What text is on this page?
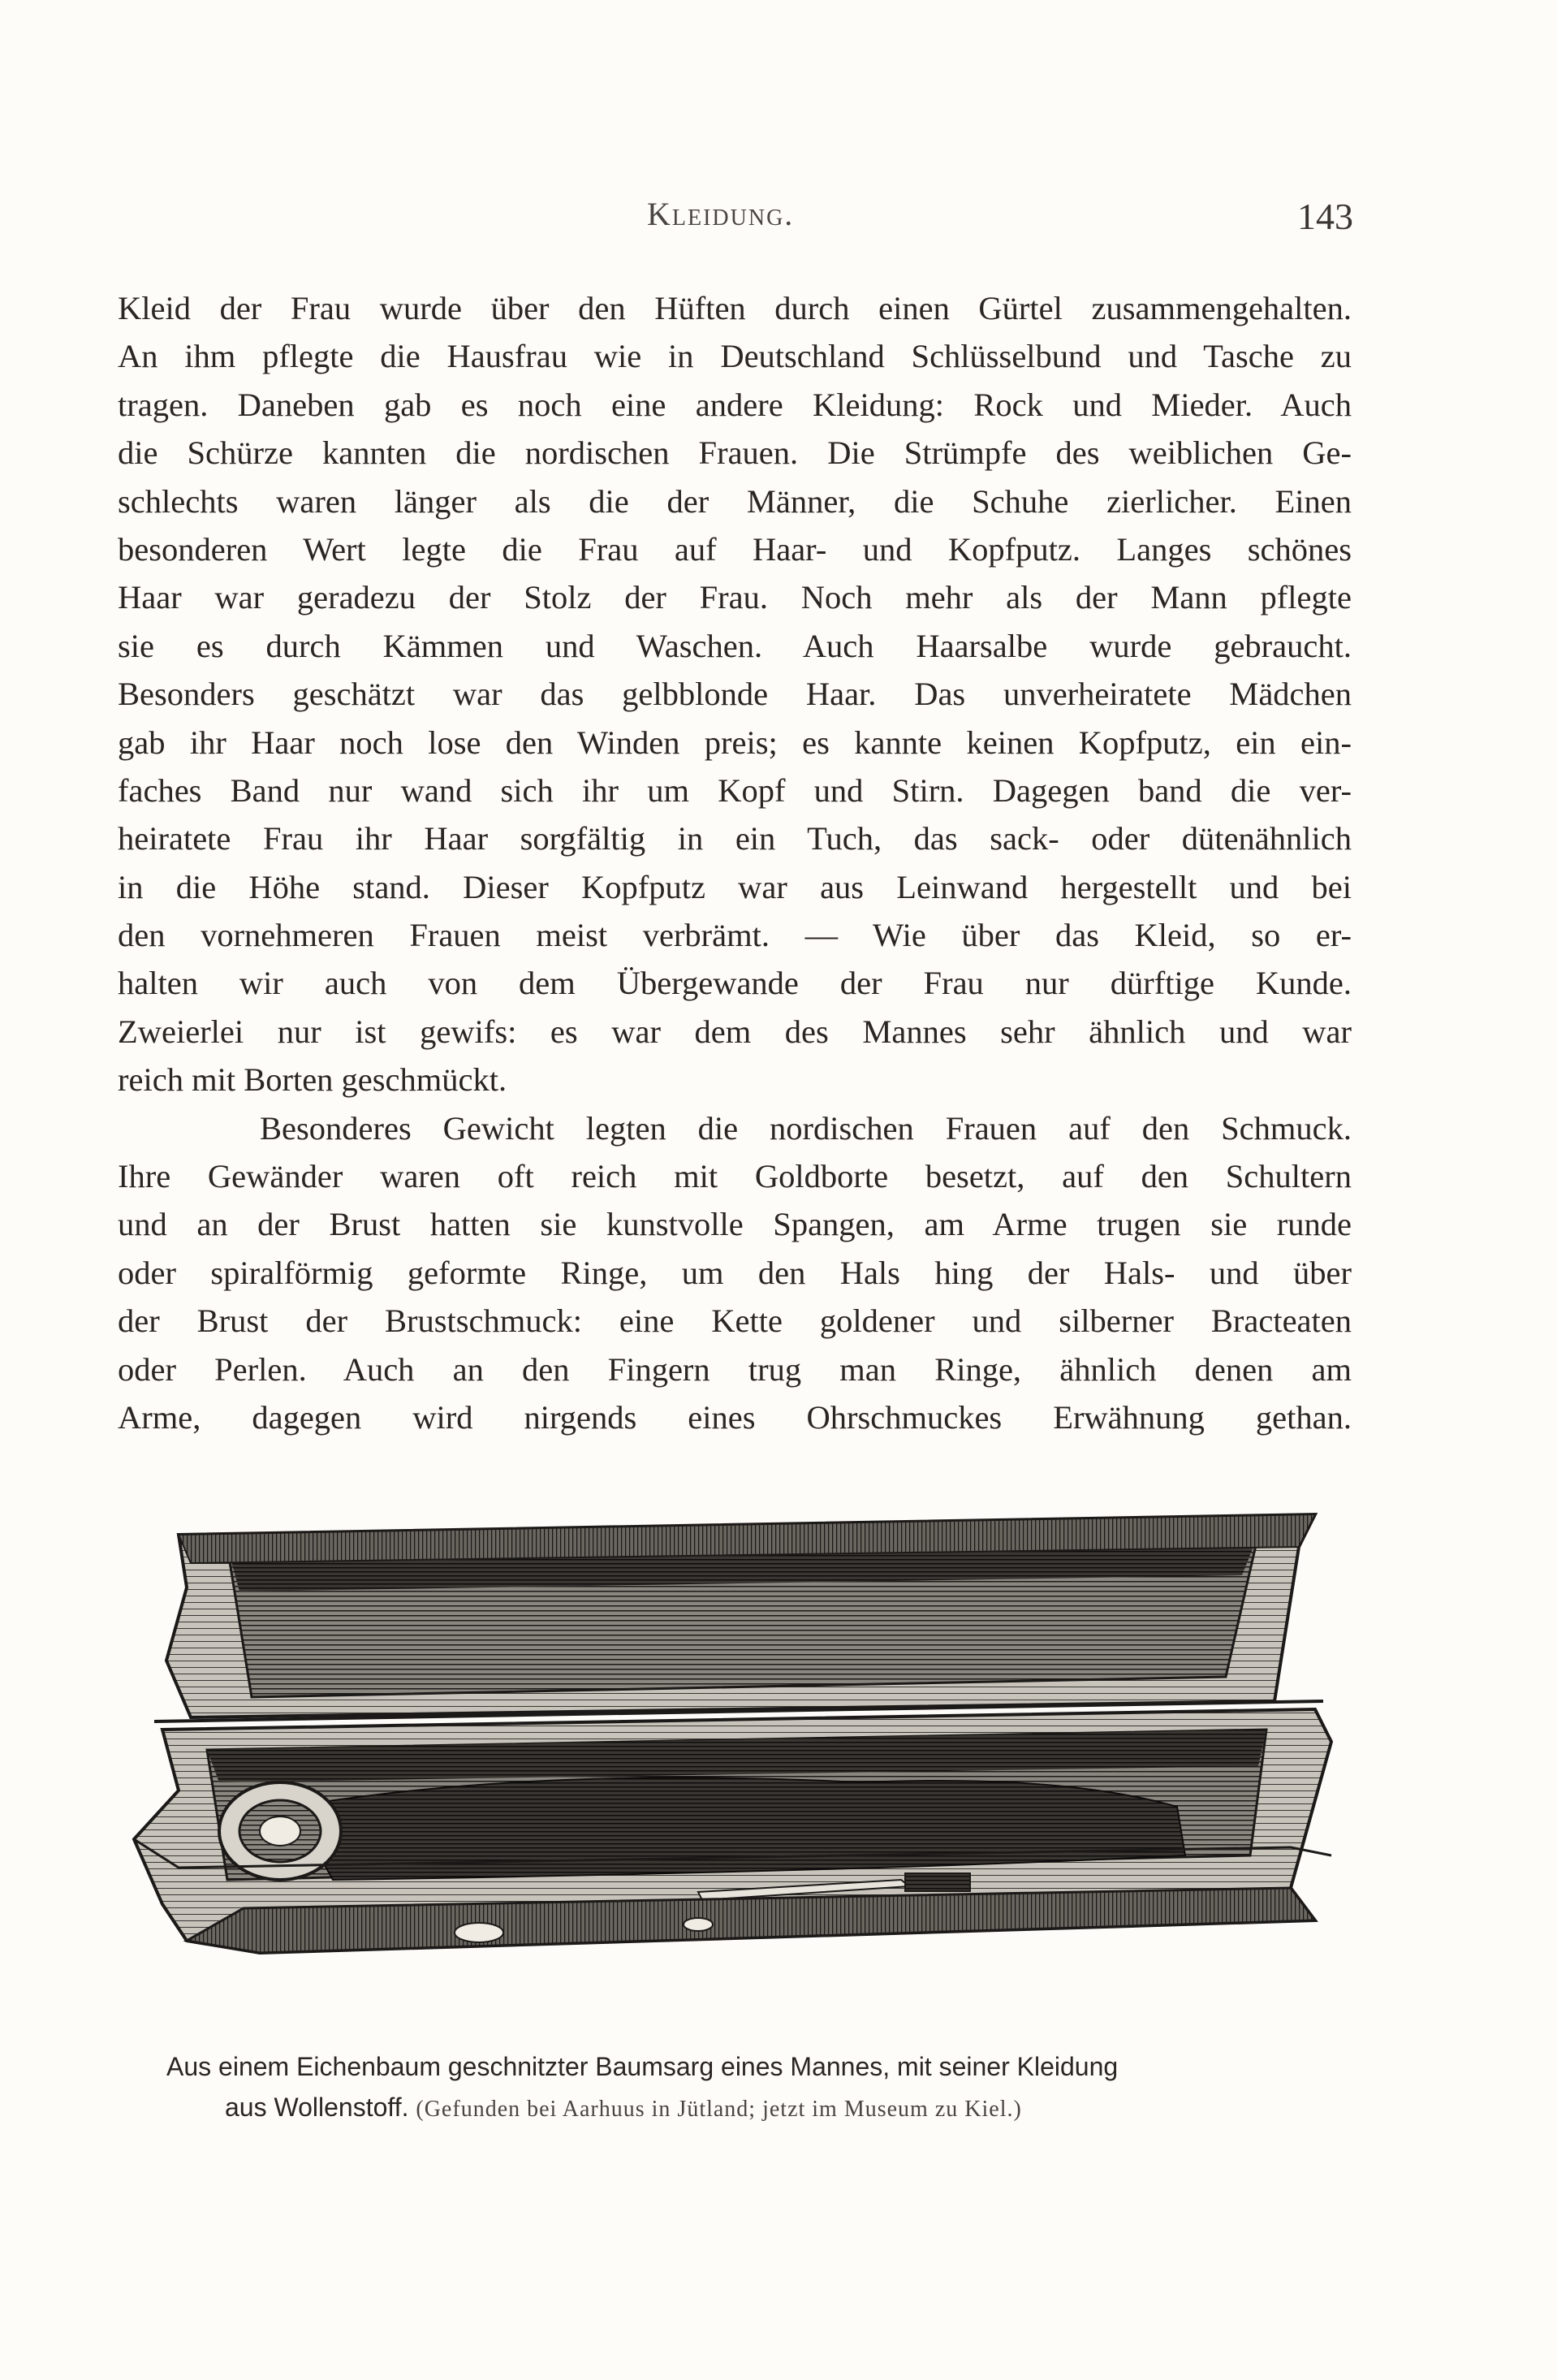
Kleidung.	143
Kleid der Frau wurde über den Hüften durch einen Gürtel zusammengehalten.
An ihm pflegte die Hausfrau wie in Deutschland Schlüsselbund und Tasche zu
tragen. Daneben gab es noch eine andere Kleidung: Rock und Mieder. Auch
die Schürze kannten die nordischen Frauen. Die Strümpfe des weiblichen Ge-
schlechts waren länger als die der Männer, die Schuhe zierlicher. Einen
besonderen Wert legte die Frau auf Haar- und Kopfputz. Langes schönes
Haar war geradezu der Stolz der Frau. Noch mehr als der Mann pflegte
sie es durch Kämmen und Waschen. Auch Haarsalbe wurde gebraucht.
Besonders geschätzt war das gelbblonde Haar. Das unverheiratete Mädchen
gab ihr Haar noch lose den Winden preis; es kannte keinen Kopfputz, ein ein-
faches Band nur wand sich ihr um Kopf und Stirn. Dagegen band die ver-
heiratete Frau ihr Haar sorgfältig in ein Tuch, das sack- oder dütenähnlich
in die Höhe stand. Dieser Kopfputz war aus Leinwand hergestellt und bei
den vornehmeren Frauen meist verbrämt. — Wie über das Kleid, so er-
halten wir auch von dem Übergewande der Frau nur dürftige Kunde.
Zweierlei nur ist gewifs: es war dem des Mannes sehr ähnlich und war
reich mit Borten geschmückt.
Besonderes Gewicht legten die nordischen Frauen auf den Schmuck.
Ihre Gewänder waren oft reich mit Goldborte besetzt, auf den Schultern
und an der Brust hatten sie kunstvolle Spangen, am Arme trugen sie runde
oder spiralförmig geformte Ringe, um den Hals hing der Hals- und über
der Brust der Brustschmuck: eine Kette goldener und silberner Bracteaten
oder Perlen. Auch an den Fingern trug man Ringe, ähnlich denen am
Arme, dagegen wird nirgends eines Ohrschmuckes Erwähnung gethan.
Aus einem Eichenbaum geschnitzter Baumsarg eines Mannes, mit seiner Kleidung
aus Wollenstoff. (Gefunden bei Aarhuus in Jütland; jetzt im Museum zu Kiel.)
